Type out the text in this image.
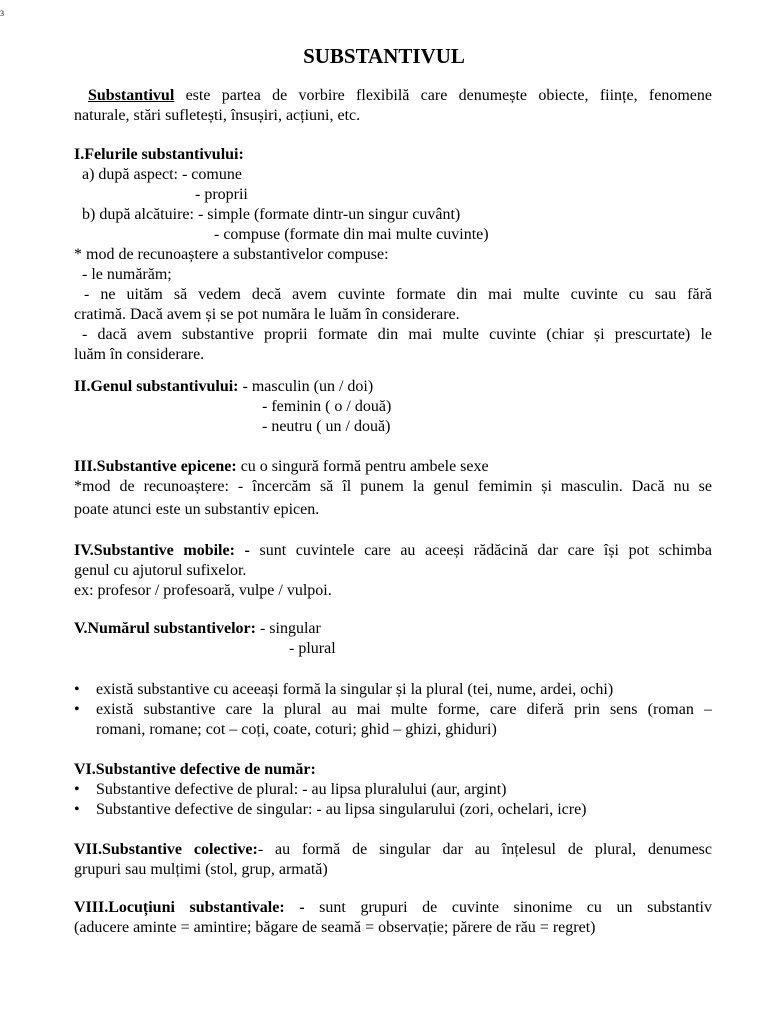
3
SUBSTANTIVUL

Substantivul este partea de vorbire flexibilă care denumește obiecte, ființe, fenomene

naturale, stări sufletești, însușiri, acțiuni, etc.

I.Felurile substantivului:

a) după aspect: - comune

- proprii

b) după alcătuire: - simple (formate dintr-un singur cuvânt)

- compuse (formate din mai multe cuvinte)

* mod de recunoaștere a substantivelor compuse:

- le numărăm;

- ne uităm să vedem decă avem cuvinte formate din mai multe cuvinte cu sau fără

cratimă. Dacă avem și se pot număra le luăm în considerare.

- dacă avem substantive proprii formate din mai multe cuvinte (chiar și prescurtate) le

luăm în considerare.

II.Genul substantivului: - masculin (un / doi)

- feminin ( o / două)

- neutru ( un / două)

III.Substantive epicene: cu o singură formă pentru ambele sexe

*mod de recunoaștere: - încercăm să îl punem la genul femimin și masculin. Dacă nu se

poate atunci este un substantiv epicen.

IV.Substantive mobile: - sunt cuvintele care au aceeși rădăcină dar care își pot schimba

genul cu ajutorul sufixelor.

ex: profesor / profesoară, vulpe / vulpoi.

V.Numărul substantivelor: - singular

- plural

• există substantive cu aceeași formă la singular și la plural (tei, nume, ardei, ochi)

• există substantive care la plural au mai multe forme, care diferă prin sens (roman –

romani, romane; cot – coți, coate, coturi; ghid – ghizi, ghiduri)

VI.Substantive defective de număr:

• Substantive defective de plural: - au lipsa pluralului (aur, argint)

• Substantive defective de singular: - au lipsa singularului (zori, ochelari, icre)

VII.Substantive colective:- au formă de singular dar au înțelesul de plural, denumesc

grupuri sau mulțimi (stol, grup, armată)

VIII.Locuțiuni substantivale: - sunt grupuri de cuvinte sinonime cu un substantiv

(aducere aminte = amintire; băgare de seamă = observație; părere de rău = regret)
